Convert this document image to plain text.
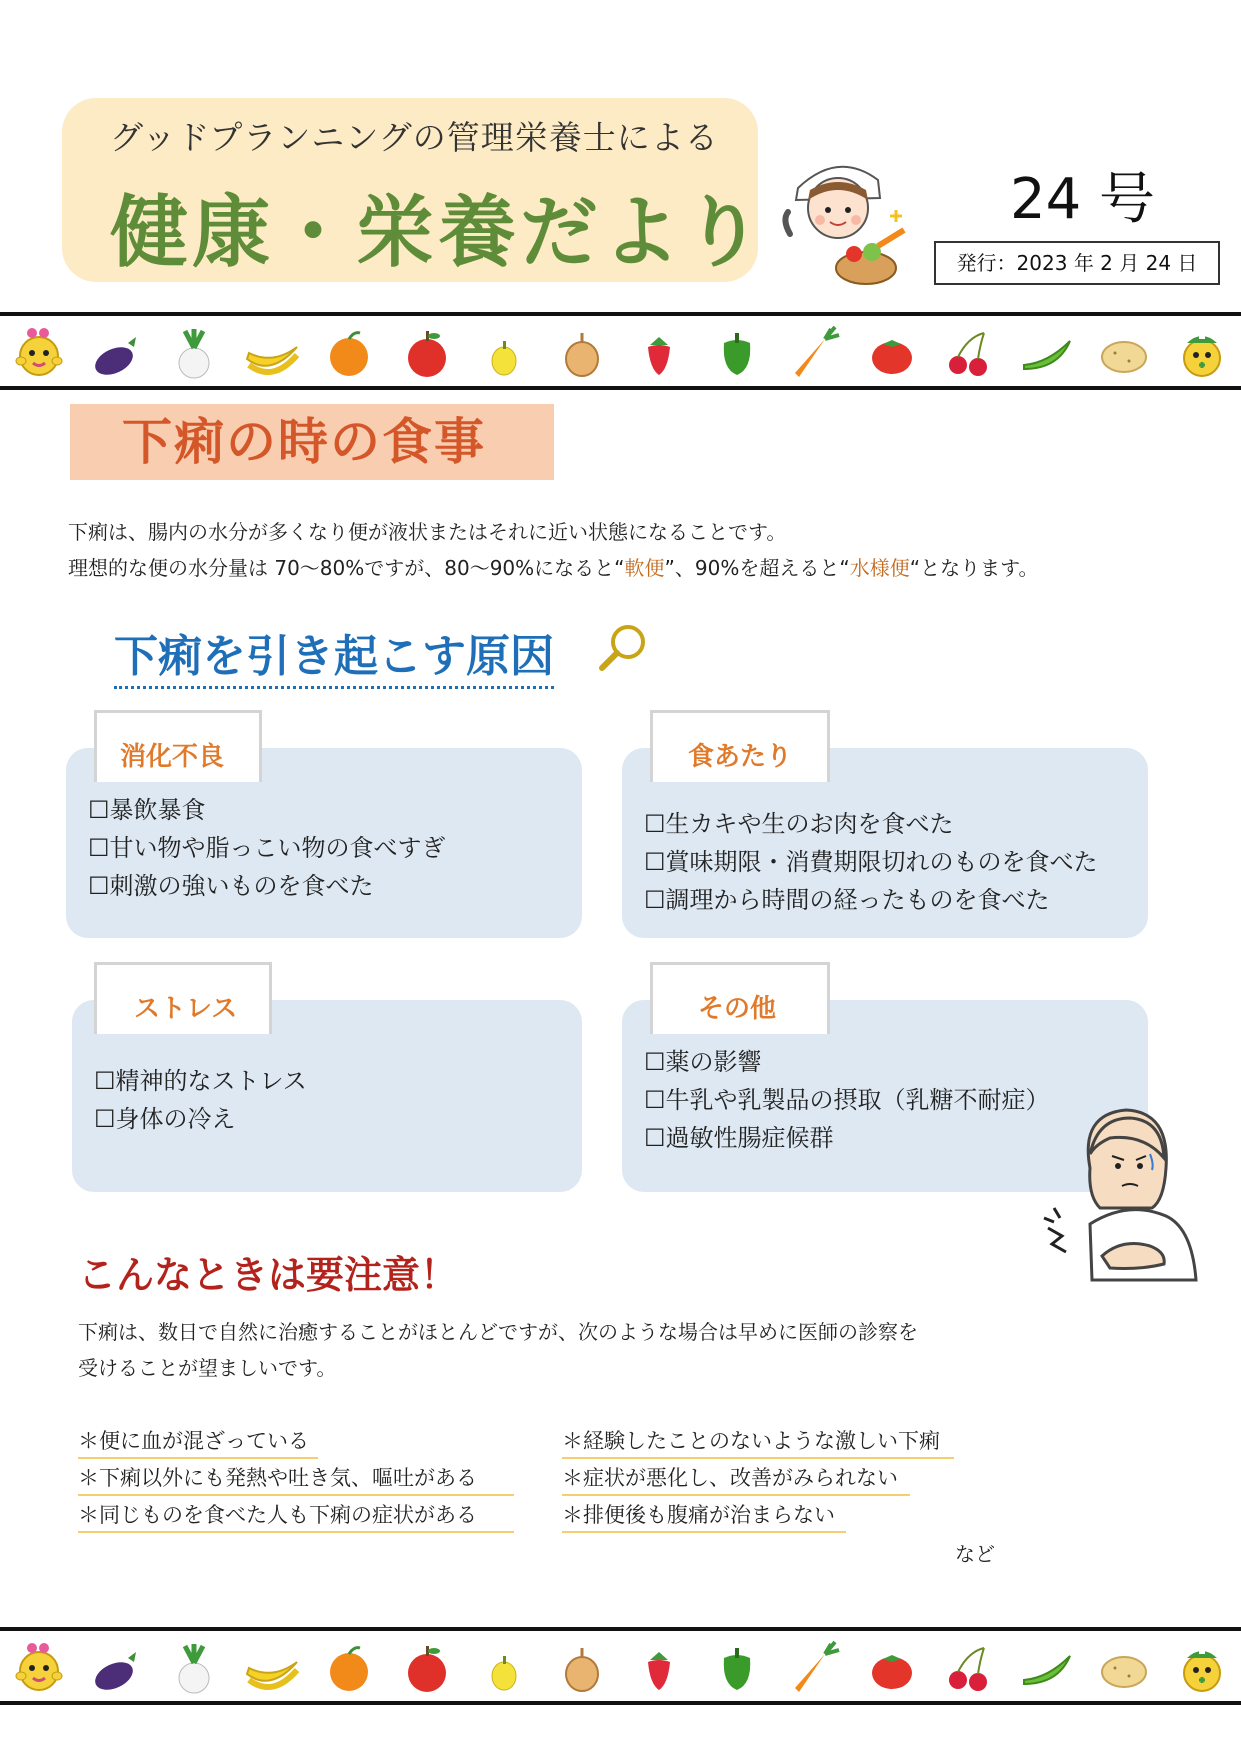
グッドプランニングの管理栄養士による
健康・栄養だより	24 号
発行：2023 年 2 月 24 日
下痢の時の食事
下痢は、腸内の水分が多くなり便が液状またはそれに近い状態になることです。
理想的な便の水分量は 70～80%ですが、80～90%になると“軟便”、90%を超えると“水様便“となります。
下痢を引き起こす原因
消化不良
☐暴飲暴食
☐甘い物や脂っこい物の食べすぎ
☐刺激の強いものを食べた
食あたり
☐生カキや生のお肉を食べた
☐賞味期限・消費期限切れのものを食べた
☐調理から時間の経ったものを食べた
ストレス
☐精神的なストレス
☐身体の冷え
その他
☐薬の影響
☐牛乳や乳製品の摂取（乳糖不耐症）
☐過敏性腸症候群
こんなときは要注意！
下痢は、数日で自然に治癒することがほとんどですが、次のような場合は早めに医師の診察を
受けることが望ましいです。
＊便に血が混ざっている
＊下痢以外にも発熱や吐き気、嘔吐がある
＊同じものを食べた人も下痢の症状がある
＊経験したことのないような激しい下痢
＊症状が悪化し、改善がみられない
＊排便後も腹痛が治まらない
など
